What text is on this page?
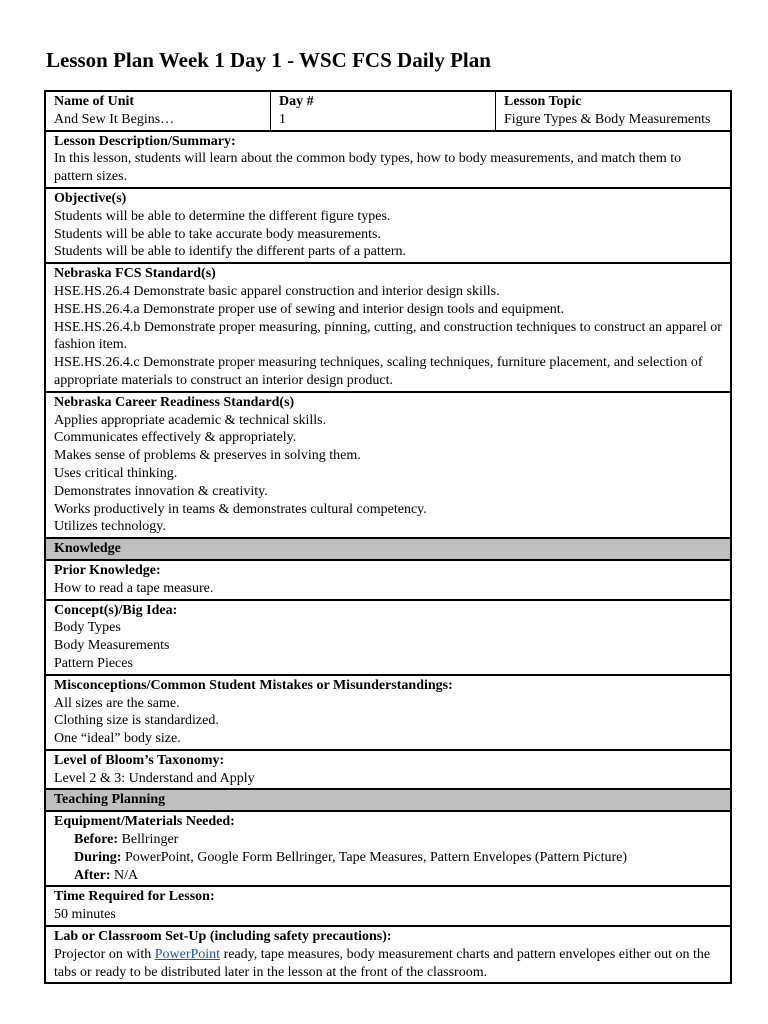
Lesson Plan Week 1 Day 1 - WSC FCS Daily Plan
Name of Unit
And Sew It Begins…
Day #
1
Lesson Topic
Figure Types & Body Measurements
Lesson Description/Summary:
In this lesson, students will learn about the common body types, how to body measurements, and match them to pattern sizes.
Objective(s)
Students will be able to determine the different figure types.
Students will be able to take accurate body measurements.
Students will be able to identify the different parts of a pattern.
Nebraska FCS Standard(s)
HSE.HS.26.4 Demonstrate basic apparel construction and interior design skills.
HSE.HS.26.4.a Demonstrate proper use of sewing and interior design tools and equipment.
HSE.HS.26.4.b Demonstrate proper measuring, pinning, cutting, and construction techniques to construct an apparel or fashion item.
HSE.HS.26.4.c Demonstrate proper measuring techniques, scaling techniques, furniture placement, and selection of appropriate materials to construct an interior design product.
Nebraska Career Readiness Standard(s)
Applies appropriate academic & technical skills.
Communicates effectively & appropriately.
Makes sense of problems & preserves in solving them.
Uses critical thinking.
Demonstrates innovation & creativity.
Works productively in teams & demonstrates cultural competency.
Utilizes technology.
Knowledge
Prior Knowledge:
How to read a tape measure.
Concept(s)/Big Idea:
Body Types
Body Measurements
Pattern Pieces
Misconceptions/Common Student Mistakes or Misunderstandings:
All sizes are the same.
Clothing size is standardized.
One “ideal” body size.
Level of Bloom’s Taxonomy:
Level 2 & 3: Understand and Apply
Teaching Planning
Equipment/Materials Needed:
Before: Bellringer
During: PowerPoint, Google Form Bellringer, Tape Measures, Pattern Envelopes (Pattern Picture)
After: N/A
Time Required for Lesson:
50 minutes
Lab or Classroom Set-Up (including safety precautions):
Projector on with PowerPoint ready, tape measures, body measurement charts and pattern envelopes either out on the tabs or ready to be distributed later in the lesson at the front of the classroom.
